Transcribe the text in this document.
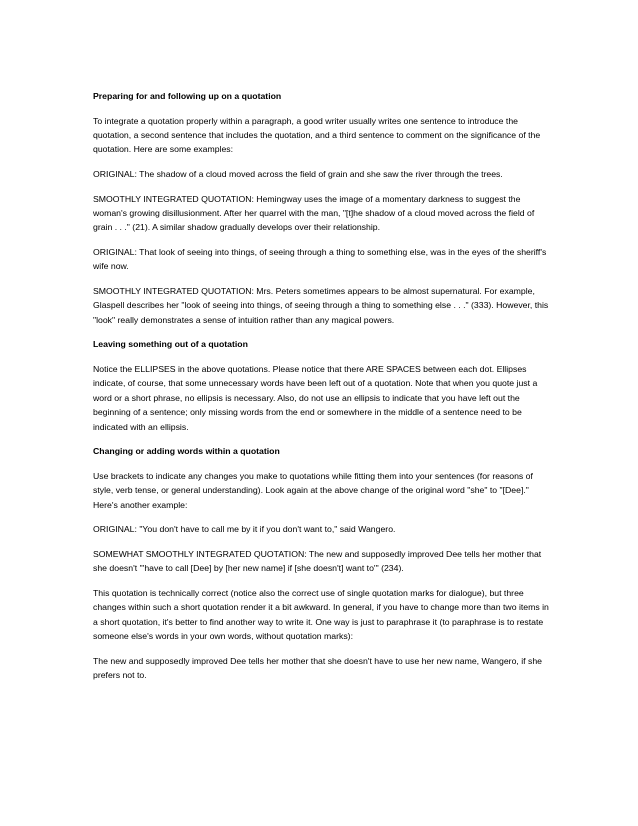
Preparing for and following up on a quotation

To integrate a quotation properly within a paragraph, a good writer usually writes one sentence to introduce the quotation, a second sentence that includes the quotation, and a third sentence to comment on the significance of the quotation. Here are some examples:

ORIGINAL: The shadow of a cloud moved across the field of grain and she saw the river through the trees.

SMOOTHLY INTEGRATED QUOTATION: Hemingway uses the image of a momentary darkness to suggest the woman's growing disillusionment. After her quarrel with the man, "[t]he shadow of a cloud moved across the field of grain . . ." (21). A similar shadow gradually develops over their relationship.

ORIGINAL: That look of seeing into things, of seeing through a thing to something else, was in the eyes of the sheriff's wife now.

SMOOTHLY INTEGRATED QUOTATION: Mrs. Peters sometimes appears to be almost supernatural. For example, Glaspell describes her "look of seeing into things, of seeing through a thing to something else . . ." (333). However, this "look" really demonstrates a sense of intuition rather than any magical powers.

Leaving something out of a quotation

Notice the ELLIPSES in the above quotations. Please notice that there ARE SPACES between each dot. Ellipses indicate, of course, that some unnecessary words have been left out of a quotation. Note that when you quote just a word or a short phrase, no ellipsis is necessary. Also, do not use an ellipsis to indicate that you have left out the beginning of a sentence; only missing words from the end or somewhere in the middle of a sentence need to be indicated with an ellipsis.

Changing or adding words within a quotation

Use brackets to indicate any changes you make to quotations while fitting them into your sentences (for reasons of style, verb tense, or general understanding). Look again at the above change of the original word "she" to "[Dee]." Here's another example:

ORIGINAL: "You don't have to call me by it if you don't want to," said Wangero.

SOMEWHAT SMOOTHLY INTEGRATED QUOTATION: The new and supposedly improved Dee tells her mother that she doesn't "'have to call [Dee] by [her new name] if [she doesn't] want to'" (234).

This quotation is technically correct (notice also the correct use of single quotation marks for dialogue), but three changes within such a short quotation render it a bit awkward. In general, if you have to change more than two items in a short quotation, it's better to find another way to write it. One way is just to paraphrase it (to paraphrase is to restate someone else's words in your own words, without quotation marks):

The new and supposedly improved Dee tells her mother that she doesn't have to use her new name, Wangero, if she prefers not to.
